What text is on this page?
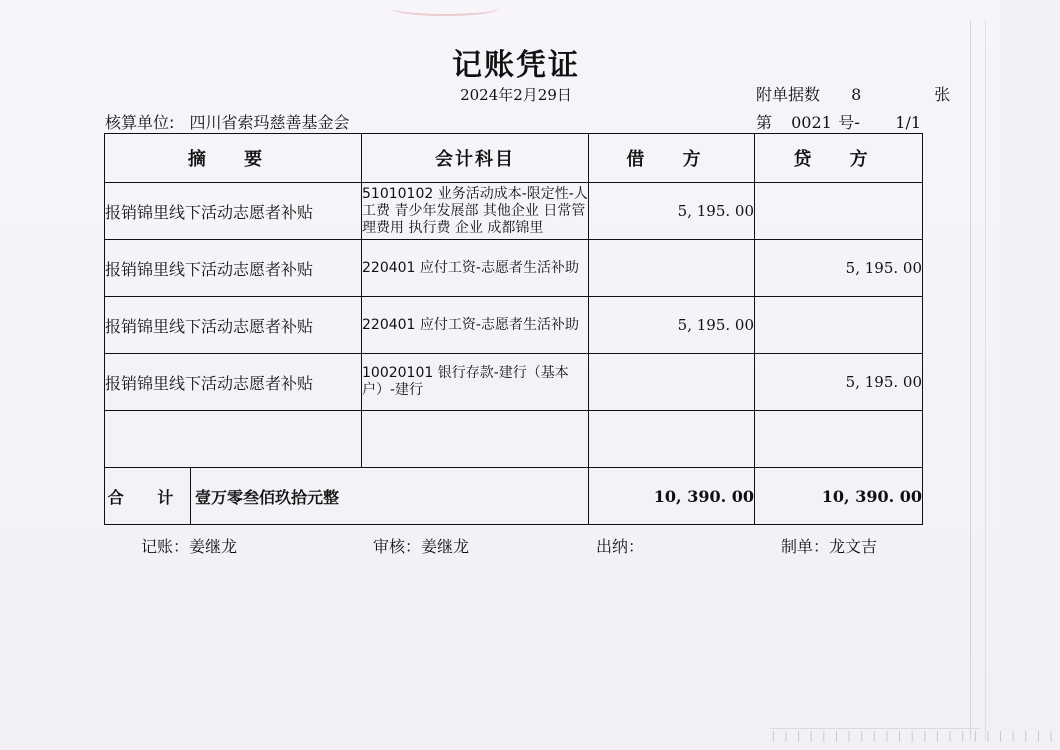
|||||||||||||||||||||||
记账凭证
2024年2月29日	附单据数 8	张
核算单位: 四川省索玛慈善基金会	第 0021 号- 1/1
摘 要	会计科目	借 方	贷 方
报销锦里线下活动志愿者补贴	51010102 业务活动成本-限定性-人工费 青少年发展部 其他企业 日常管理费用 执行费 企业 成都锦里	5, 195. 00	
报销锦里线下活动志愿者补贴	220401 应付工资-志愿者生活补助		5, 195. 00
报销锦里线下活动志愿者补贴	220401 应付工资-志愿者生活补助	5, 195. 00	
报销锦里线下活动志愿者补贴	10020101 银行存款-建行（基本户）-建行		5, 195. 00

合 计 壹万零叁佰玖拾元整		10, 390. 00	10, 390. 00
记账：姜继龙	审核：姜继龙	出纳：	制单：龙文吉
